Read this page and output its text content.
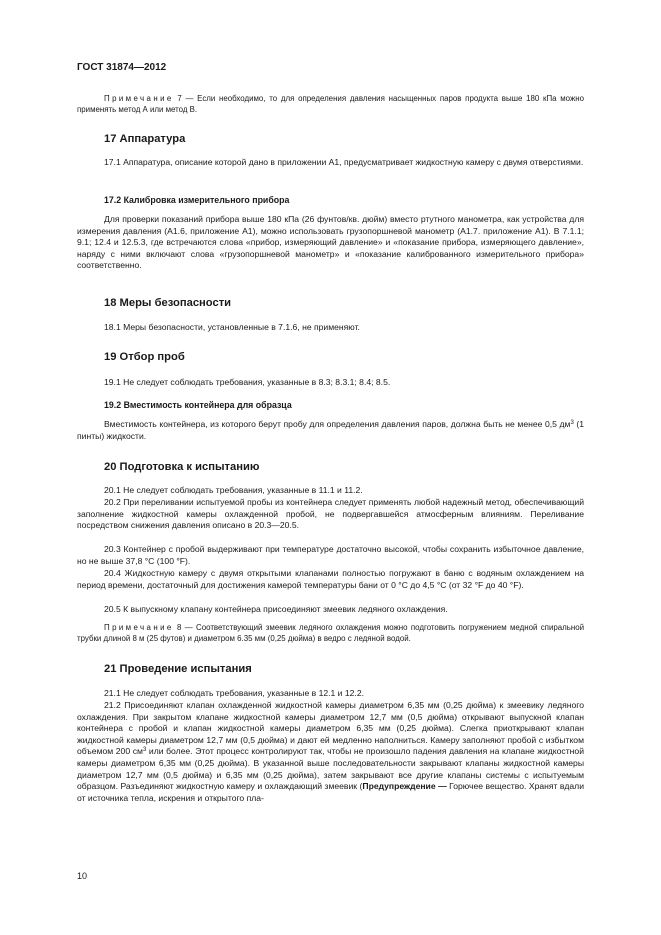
ГОСТ 31874—2012

Примечание 7 — Если необходимо, то для определения давления насыщенных паров продукта выше 180 кПа можно применять метод А или метод В.

17 Аппаратура

17.1 Аппаратура, описание которой дано в приложении А1, предусматривает жидкостную камеру с двумя отверстиями.

17.2 Калибровка измерительного прибора

Для проверки показаний прибора выше 180 кПа (26 фунтов/кв. дюйм) вместо ртутного манометра, как устройства для измерения давления (А1.6, приложение А1), можно использовать грузопоршневой манометр (А1.7. приложение А1). В 7.1.1; 9.1; 12.4 и 12.5.3, где встречаются слова «прибор, измеряющий давление» и «показание прибора, измеряющего давление», наряду с ними включают слова «грузопоршневой манометр» и «показание калиброванного измерительного прибора» соответственно.

18 Меры безопасности

18.1 Меры безопасности, установленные в 7.1.6, не применяют.

19 Отбор проб

19.1 Не следует соблюдать требования, указанные в 8.3; 8.3.1; 8.4; 8.5.

19.2 Вместимость контейнера для образца

Вместимость контейнера, из которого берут пробу для определения давления паров, должна быть не менее 0,5 $дм^3$ (1 пинты) жидкости.

20 Подготовка к испытанию

20.1 Не следует соблюдать требования, указанные в 11.1 и 11.2.

20.2 При переливании испытуемой пробы из контейнера следует применять любой надежный метод, обеспечивающий заполнение жидкостной камеры охлажденной пробой, не подвергавшейся атмосферным влияниям. Переливание посредством снижения давления описано в 20.3—20.5.

20.3 Контейнер с пробой выдерживают при температуре достаточно высокой, чтобы сохранить избыточное давление, но не выше 37,8 °С (100 °F).

20.4 Жидкостную камеру с двумя открытыми клапанами полностью погружают в баню с водяным охлаждением на период времени, достаточный для достижения камерой температуры бани от 0 °С до 4,5 °С (от 32 °F до 40 °F).

20.5 К выпускному клапану контейнера присоединяют змеевик ледяного охлаждения.

Примечание 8 — Соответствующий змеевик ледяного охлаждения можно подготовить погружением медной спиральной трубки длиной 8 м (25 футов) и диаметром 6.35 мм (0,25 дюйма) в ведро с ледяной водой.

21 Проведение испытания

21.1 Не следует соблюдать требования, указанные в 12.1 и 12.2.

21.2 Присоединяют клапан охлажденной жидкостной камеры диаметром 6,35 мм (0,25 дюйма) к змеевику ледяного охлаждения. При закрытом клапане жидкостной камеры диаметром 12,7 мм (0,5 дюйма) открывают выпускной клапан контейнера с пробой и клапан жидкостной камеры диаметром 6,35 мм (0,25 дюйма). Слегка приоткрывают клапан жидкостной камеры диаметром 12,7 мм (0,5 дюйма) и дают ей медленно наполниться. Камеру заполняют пробой с избытком объемом 200 $см^3$ или более. Этот процесс контролируют так, чтобы не произошло падения давления на клапане жидкостной камеры диаметром 6,35 мм (0,25 дюйма). В указанной выше последовательности закрывают клапаны жидкостной камеры диаметром 12,7 мм (0,5 дюйма) и 6,35 мм (0,25 дюйма), затем закрывают все другие клапаны системы с испытуемым образцом. Разъединяют жидкостную камеру и охлаждающий змеевик (Предупреждение — Горючее вещество. Хранят вдали от источника тепла, искрения и открытого пла-

10
